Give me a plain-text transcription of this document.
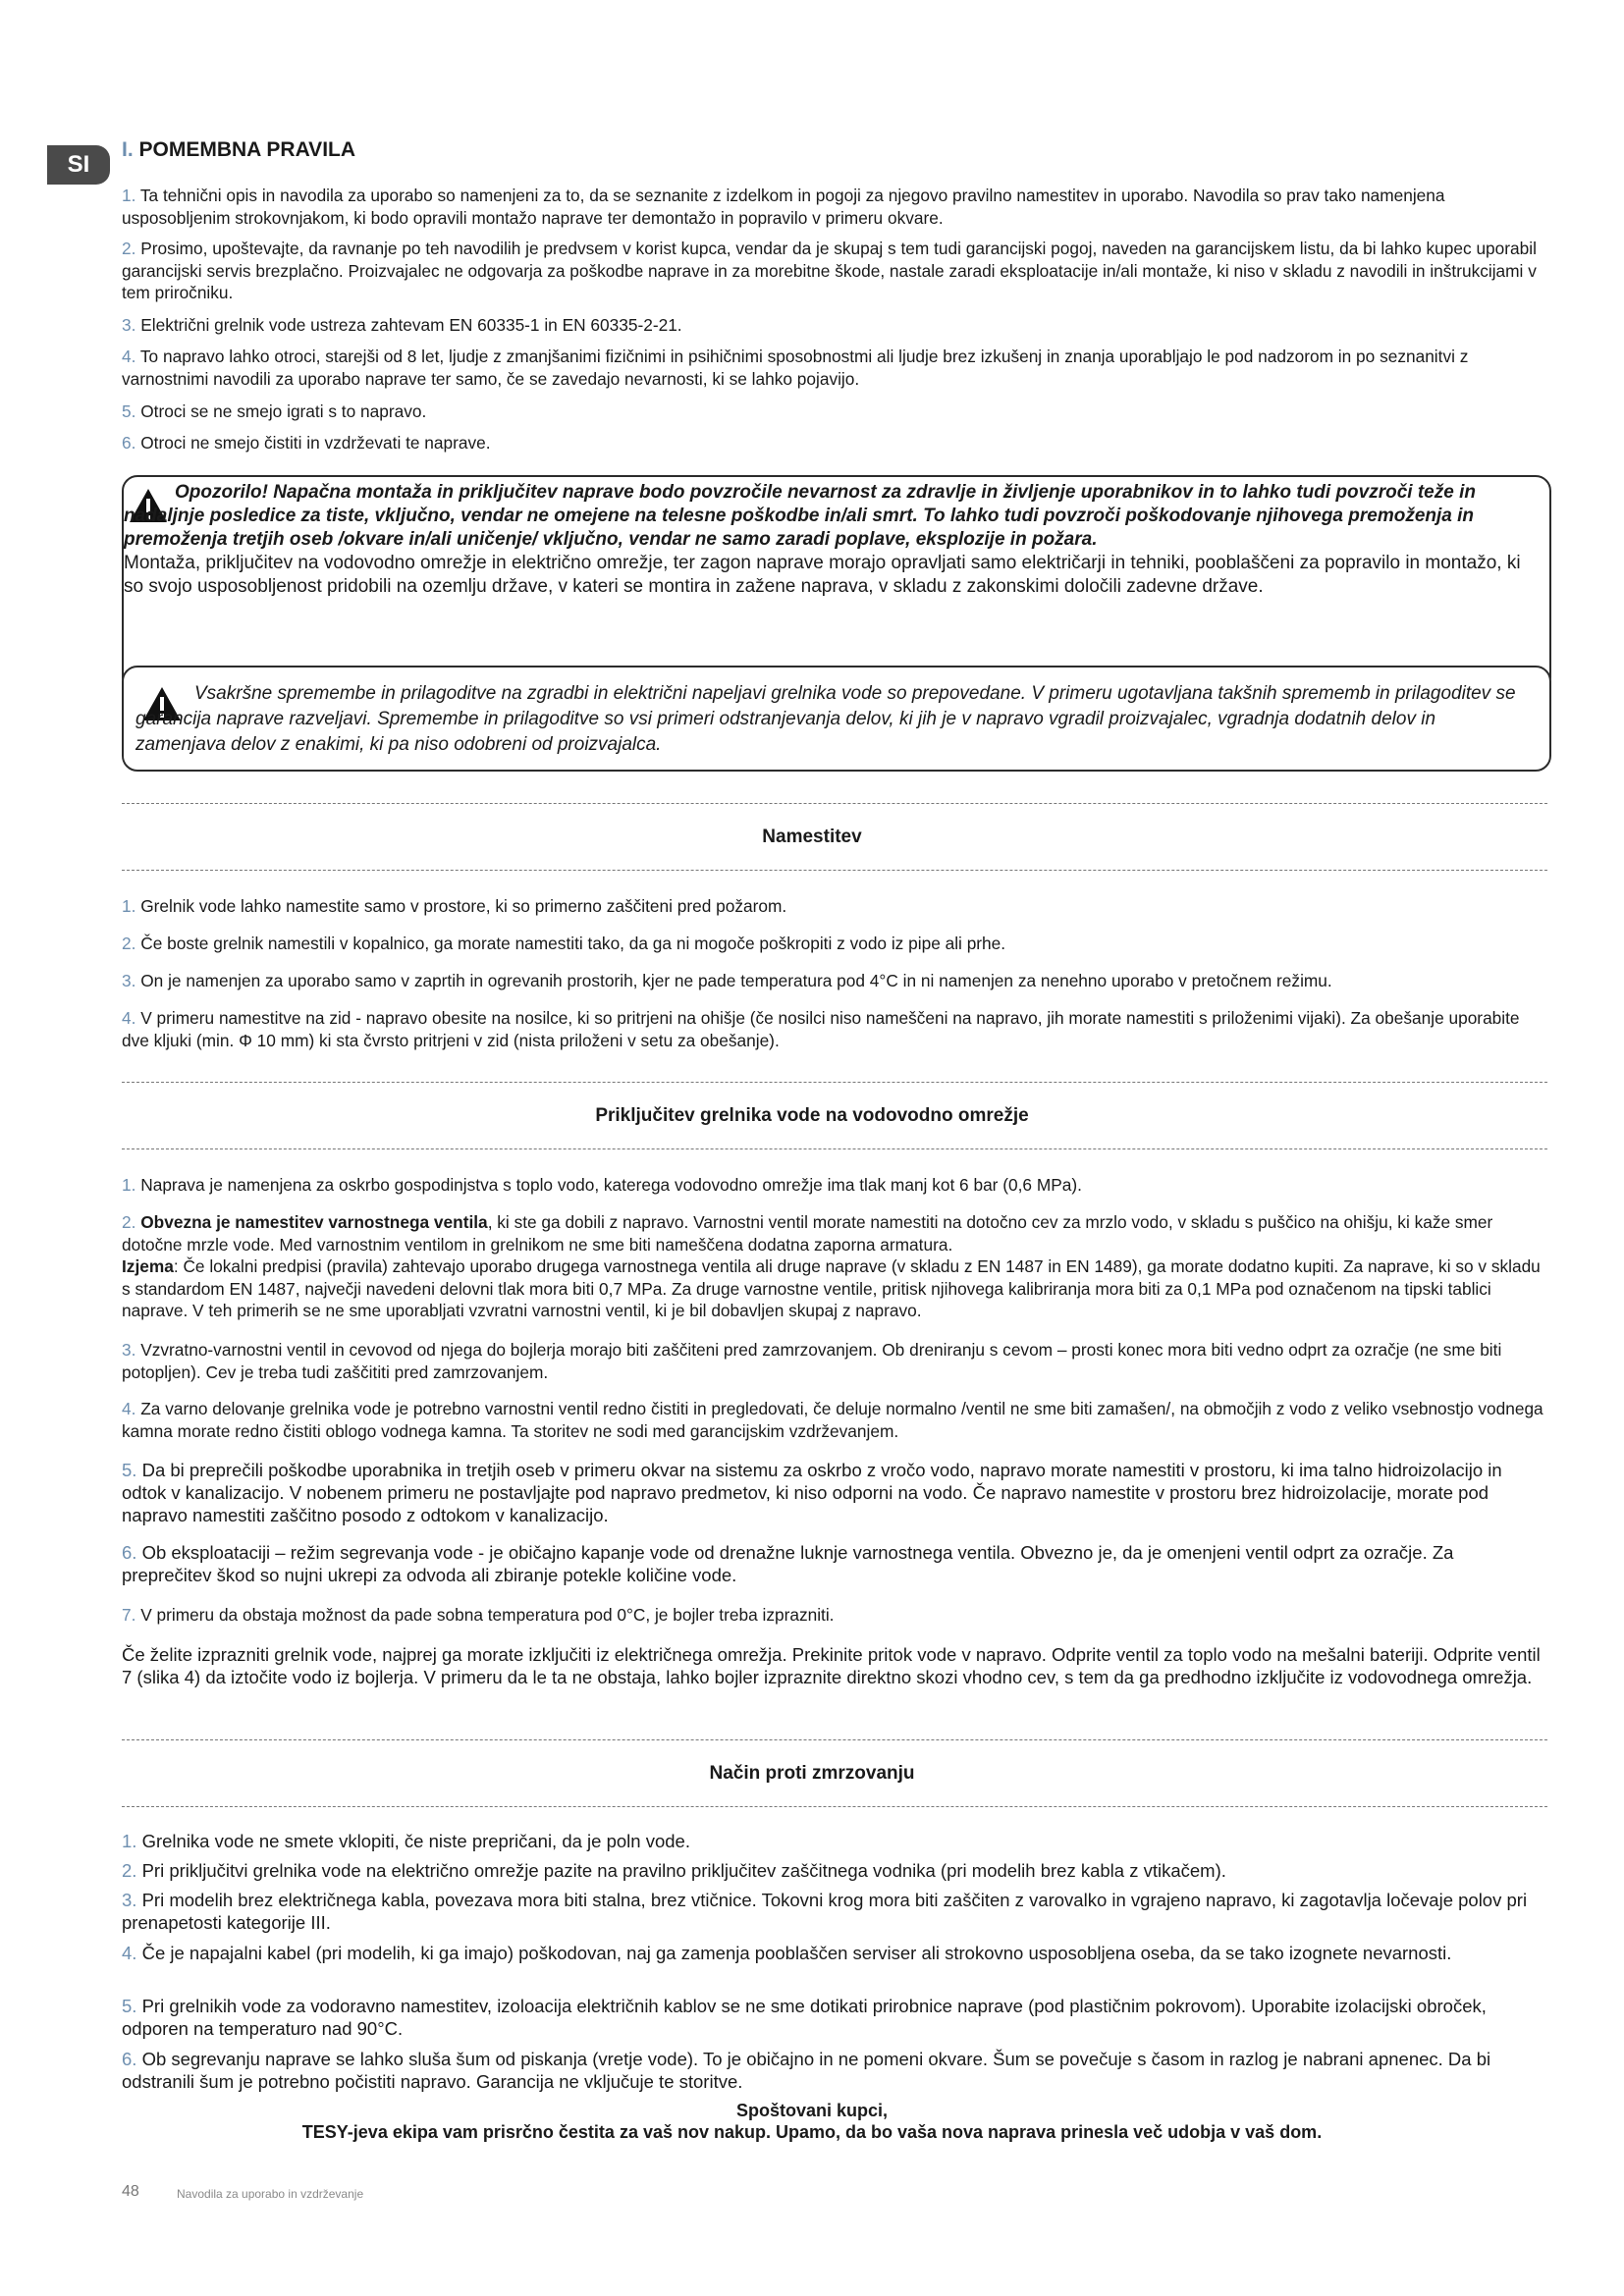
SI
I. POMEMBNA PRAVILA
1. Ta tehnični opis in navodila za uporabo so namenjeni za to, da se seznanite z izdelkom in pogoji za njegovo pravilno namestitev in uporabo. Navodila so prav tako namenjena usposobljenim strokovnjakom, ki bodo opravili montažo naprave ter demontažo in popravilo v primeru okvare.
2. Prosimo, upoštevajte, da ravnanje po teh navodilih je predvsem v korist kupca, vendar da je skupaj s tem tudi garancijski pogoj, naveden na garancijskem listu, da bi lahko kupec uporabil garancijski servis brezplačno. Proizvajalec ne odgovarja za poškodbe naprave in za morebitne škode, nastale zaradi eksploatacije in/ali montaže, ki niso v skladu z navodili in inštrukcijami v tem priročniku.
3. Električni grelnik vode ustreza zahtevam EN 60335-1 in EN 60335-2-21.
4. To napravo lahko otroci, starejši od 8 let, ljudje z zmanjšanimi fizičnimi in psihičnimi sposobnostmi ali ljudje brez izkušenj in znanja uporabljajo le pod nadzorom in po seznanitvi z varnostnimi navodili za uporabo naprave ter samo, če se zavedajo nevarnosti, ki se lahko pojavijo.
5. Otroci se ne smejo igrati s to napravo.
6. Otroci ne smejo čistiti in vzdrževati te naprave.
Opozorilo! Napačna montaža in priključitev naprave bodo povzročile nevarnost za zdravlje in življenje uporabnikov in to lahko tudi povzroči teže in nadaljnje posledice za tiste, vključno, vendar ne omejene na telesne poškodbe in/ali smrt. To lahko tudi povzroči poškodovanje njihovega premoženja in premoženja tretjih oseb /okvare in/ali uničenje/ vključno, vendar ne samo zaradi poplave, eksplozije in požara.
Montaža, priključitev na vodovodno omrežje in električno omrežje, ter zagon naprave morajo opravljati samo električarji in tehniki, pooblaščeni za popravilo in montažo, ki so svojo usposobljenost pridobili na ozemlju države, v kateri se montira in zažene naprava, v skladu z zakonskimi določili zadevne države.
Vsakršne spremembe in prilagoditve na zgradbi in električni napeljavi grelnika vode so prepovedane. V primeru ugotavljana takšnih sprememb in prilagoditev se garancija naprave razveljavi. Spremembe in prilagoditve so vsi primeri odstranjevanja delov, ki jih je v napravo vgradil proizvajalec, vgradnja dodatnih delov in zamenjava delov z enakimi, ki pa niso odobreni od proizvajalca.
Namestitev
1. Grelnik vode lahko namestite samo v prostore, ki so primerno zaščiteni pred požarom.
2. Če boste grelnik namestili v kopalnico, ga morate namestiti tako, da ga ni mogoče poškropiti z vodo iz pipe ali prhe.
3. On je namenjen za uporabo samo v zaprtih in ogrevanih prostorih, kjer ne pade temperatura pod 4°C in ni namenjen za nenehno uporabo v pretočnem režimu.
4. V primeru namestitve na zid - napravo obesite na nosilce, ki so pritrjeni na ohišje (če nosilci niso nameščeni na napravo, jih morate namestiti s priloženimi vijaki). Za obešanje uporabite dve kljuki (min. Φ 10 mm) ki sta čvrsto pritrjeni v zid (nista priloženi v setu za obešanje).
Priključitev grelnika vode na vodovodno omrežje
1. Naprava je namenjena za oskrbo gospodinjstva s toplo vodo, katerega vodovodno omrežje ima tlak manj kot 6 bar (0,6 MPa).
2. Obvezna je namestitev varnostnega ventila, ki ste ga dobili z napravo. Varnostni ventil morate namestiti na dotočno cev za mrzlo vodo, v skladu s puščico na ohišju, ki kaže smer dotočne mrzle vode. Med varnostnim ventilom in grelnikom ne sme biti nameščena dodatna zaporna armatura.
Izjema: Če lokalni predpisi (pravila) zahtevajo uporabo drugega varnostnega ventila ali druge naprave (v skladu z EN 1487 in EN 1489), ga morate dodatno kupiti. Za naprave, ki so v skladu s standardom EN 1487, največji navedeni delovni tlak mora biti 0,7 MPa. Za druge varnostne ventile, pritisk njihovega kalibriranja mora biti za 0,1 MPa pod označenom na tipski tablici naprave. V teh primerih se ne sme uporabljati vzvratni varnostni ventil, ki je bil dobavljen skupaj z napravo.
3. Vzvratno-varnostni ventil in cevovod od njega do bojlerja morajo biti zaščiteni pred zamrzovanjem. Ob dreniranju s cevom – prosti konec mora biti vedno odprt za ozračje (ne sme biti potopljen). Cev je treba tudi zaščititi pred zamrzovanjem.
4. Za varno delovanje grelnika vode je potrebno varnostni ventil redno čistiti in pregledovati, če deluje normalno /ventil ne sme biti zamašen/, na območjih z vodo z veliko vsebnostjo vodnega kamna morate redno čistiti oblogo vodnega kamna. Ta storitev ne sodi med garancijskim vzdrževanjem.
5. Da bi preprečili poškodbe uporabnika in tretjih oseb v primeru okvar na sistemu za oskrbo z vročo vodo, napravo morate namestiti v prostoru, ki ima talno hidroizolacijo in odtok v kanalizacijo. V nobenem primeru ne postavljajte pod napravo predmetov, ki niso odporni na vodo. Če napravo namestite v prostoru brez hidroizolacije, morate pod napravo namestiti zaščitno posodo z odtokom v kanalizacijo.
6. Ob eksploataciji – režim segrevanja vode - je običajno kapanje vode od drenažne luknje varnostnega ventila. Obvezno je, da je omenjeni ventil odprt za ozračje. Za preprečitev škod so nujni ukrepi za odvoda ali zbiranje potekle količine vode.
7. V primeru da obstaja možnost da pade sobna temperatura pod 0°C, je bojler treba izprazniti.
Če želite izprazniti grelnik vode, najprej ga morate izključiti iz električnega omrežja. Prekinite pritok vode v napravo. Odprite ventil za toplo vodo na mešalni bateriji. Odprite ventil 7 (slika 4) da iztočite vodo iz bojlerja. V primeru da le ta ne obstaja, lahko bojler izpraznite direktno skozi vhodno cev, s tem da ga predhodno izključite iz vodovodnega omrežja.
Način proti zmrzovanju
1. Grelnika vode ne smete vklopiti, če niste prepričani, da je poln vode.
2. Pri priključitvi grelnika vode na električno omrežje pazite na pravilno priključitev zaščitnega vodnika (pri modelih brez kabla z vtikačem).
3. Pri modelih brez električnega kabla, povezava mora biti stalna, brez vtičnice. Tokovni krog mora biti zaščiten z varovalko in vgrajeno napravo, ki zagotavlja ločevaje polov pri prenapetosti kategorije III.
4. Če je napajalni kabel (pri modelih, ki ga imajo) poškodovan, naj ga zamenja pooblaščen serviser ali strokovno usposobljena oseba, da se tako izognete nevarnosti.
5. Pri grelnikih vode za vodoravno namestitev, izoloacija električnih kablov se ne sme dotikati prirobnice naprave (pod plastičnim pokrovom). Uporabite izolacijski obroček, odporen na temperaturo nad 90°C.
6. Ob segrevanju naprave se lahko sluša šum od piskanja (vretje vode). To je običajno in ne pomeni okvare. Šum se povečuje s časom in razlog je nabrani apnenec. Da bi odstranili šum je potrebno počistiti napravo. Garancija ne vključuje te storitve.
Spoštovani kupci,
TESY-jeva ekipa vam prisrčno čestita za vaš nov nakup. Upamo, da bo vaša nova naprava prinesla več udobja v vaš dom.
48	Navodila za uporabo in vzdrževanje
